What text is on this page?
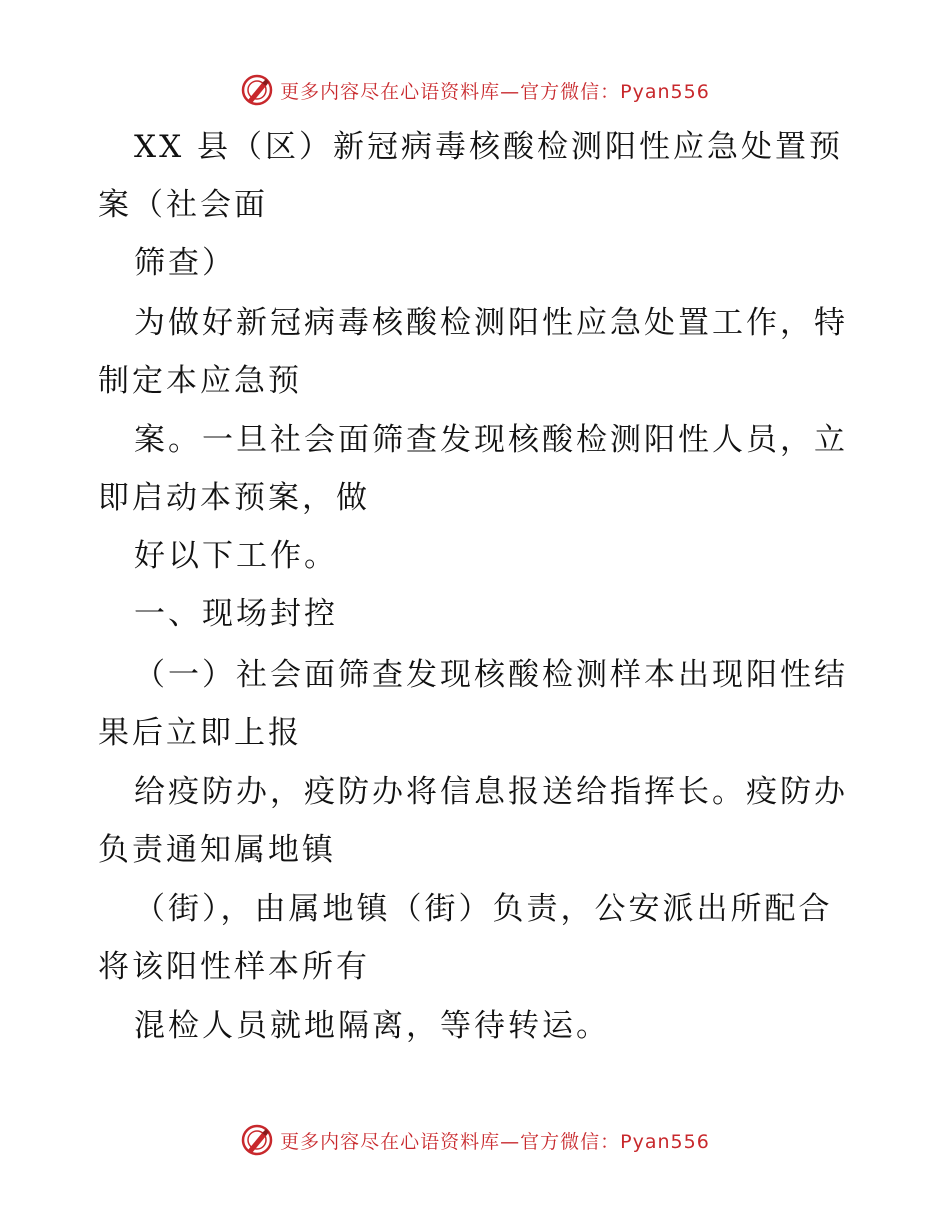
更多内容尽在心语资料库—官方微信：Pyan556
XX 县（区）新冠病毒核酸检测阳性应急处置预
案（社会面
筛查）
为做好新冠病毒核酸检测阳性应急处置工作，特
制定本应急预
案。一旦社会面筛查发现核酸检测阳性人员，立
即启动本预案，做
好以下工作。
一、现场封控
（一）社会面筛查发现核酸检测样本出现阳性结
果后立即上报
给疫防办，疫防办将信息报送给指挥长。疫防办
负责通知属地镇
（街），由属地镇（街）负责，公安派出所配合
将该阳性样本所有
混检人员就地隔离，等待转运。
更多内容尽在心语资料库—官方微信：Pyan556
